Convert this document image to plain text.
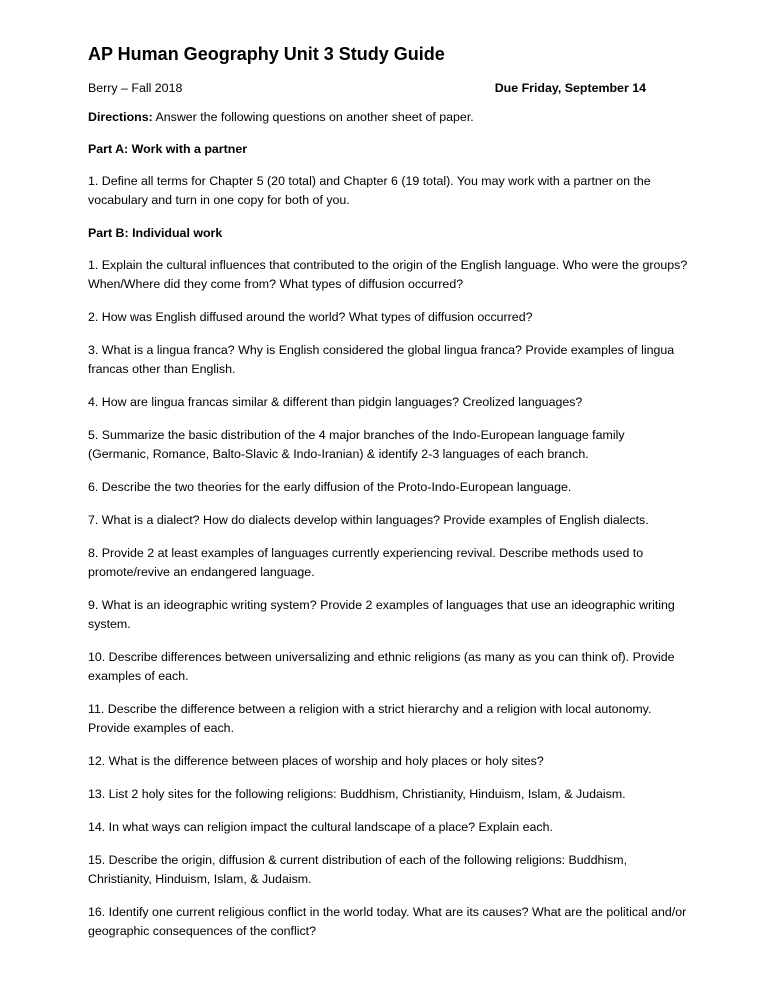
AP Human Geography Unit 3 Study Guide
Berry – Fall 2018	Due Friday, September 14

Directions: Answer the following questions on another sheet of paper.

Part A: Work with a partner

1. Define all terms for Chapter 5 (20 total) and Chapter 6 (19 total). You may work with a partner on the vocabulary and turn in one copy for both of you.

Part B: Individual work

1. Explain the cultural influences that contributed to the origin of the English language. Who were the groups? When/Where did they come from? What types of diffusion occurred?

2. How was English diffused around the world? What types of diffusion occurred?

3. What is a lingua franca? Why is English considered the global lingua franca? Provide examples of lingua francas other than English.

4. How are lingua francas similar & different than pidgin languages? Creolized languages?

5. Summarize the basic distribution of the 4 major branches of the Indo-European language family (Germanic, Romance, Balto-Slavic & Indo-Iranian) & identify 2-3 languages of each branch.

6. Describe the two theories for the early diffusion of the Proto-Indo-European language.

7. What is a dialect? How do dialects develop within languages? Provide examples of English dialects.

8. Provide 2 at least examples of languages currently experiencing revival. Describe methods used to promote/revive an endangered language.

9. What is an ideographic writing system? Provide 2 examples of languages that use an ideographic writing system.

10. Describe differences between universalizing and ethnic religions (as many as you can think of). Provide examples of each.

11. Describe the difference between a religion with a strict hierarchy and a religion with local autonomy. Provide examples of each.

12. What is the difference between places of worship and holy places or holy sites?

13. List 2 holy sites for the following religions: Buddhism, Christianity, Hinduism, Islam, & Judaism.

14. In what ways can religion impact the cultural landscape of a place? Explain each.

15. Describe the origin, diffusion & current distribution of each of the following religions: Buddhism, Christianity, Hinduism, Islam, & Judaism.

16. Identify one current religious conflict in the world today. What are its causes? What are the political and/or geographic consequences of the conflict?
